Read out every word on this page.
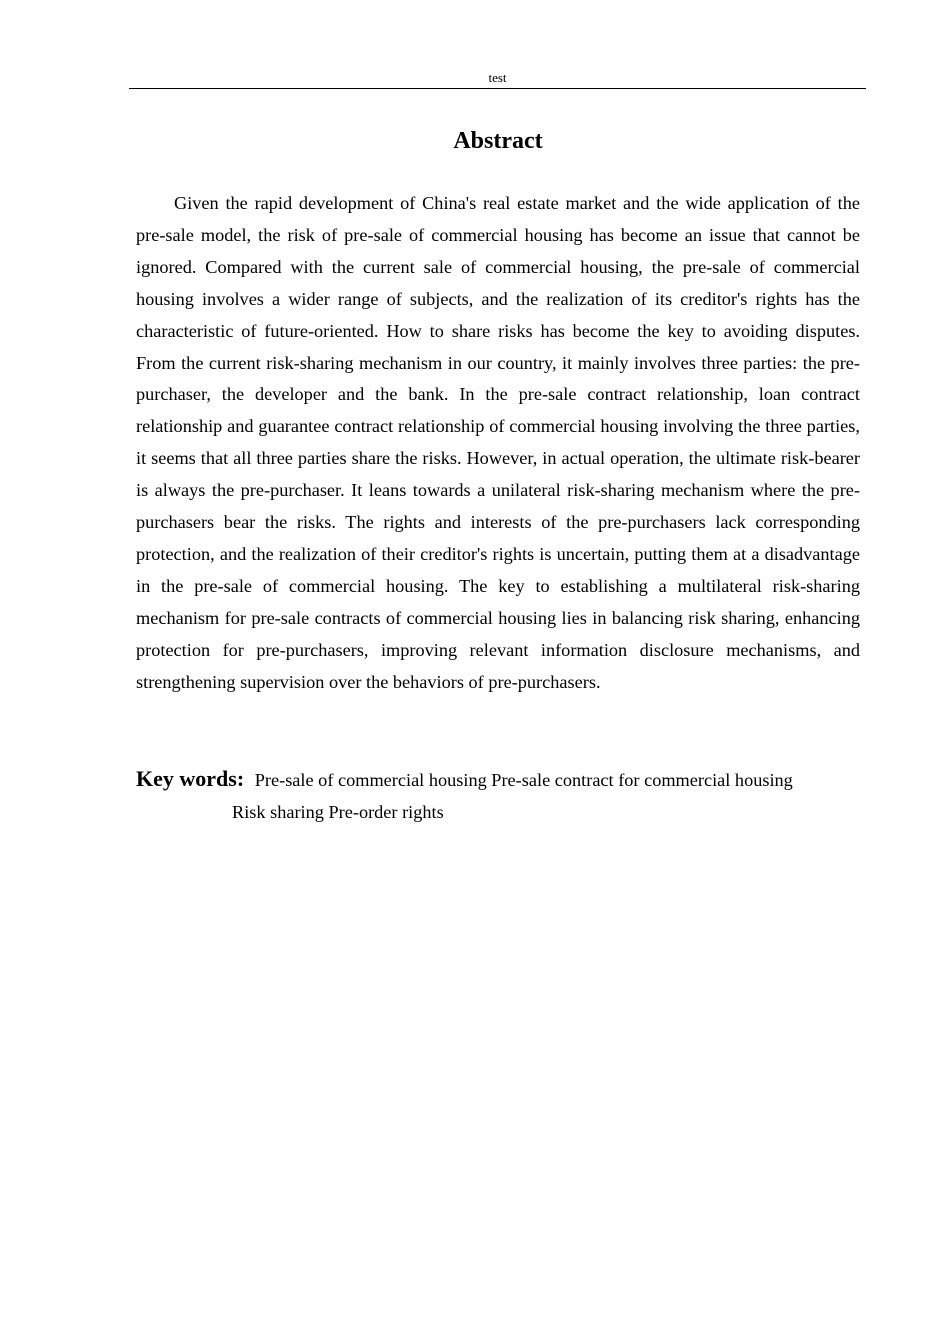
test
Abstract

Given the rapid development of China's real estate market and the wide application of the pre-sale model, the risk of pre-sale of commercial housing has become an issue that cannot be ignored. Compared with the current sale of commercial housing, the pre-sale of commercial housing involves a wider range of subjects, and the realization of its creditor's rights has the characteristic of future-oriented. How to share risks has become the key to avoiding disputes. From the current risk-sharing mechanism in our country, it mainly involves three parties: the pre-purchaser, the developer and the bank. In the pre-sale contract relationship, loan contract relationship and guarantee contract relationship of commercial housing involving the three parties, it seems that all three parties share the risks. However, in actual operation, the ultimate risk-bearer is always the pre-purchaser. It leans towards a unilateral risk-sharing mechanism where the pre-purchasers bear the risks. The rights and interests of the pre-purchasers lack corresponding protection, and the realization of their creditor's rights is uncertain, putting them at a disadvantage in the pre-sale of commercial housing. The key to establishing a multilateral risk-sharing mechanism for pre-sale contracts of commercial housing lies in balancing risk sharing, enhancing protection for pre-purchasers, improving relevant information disclosure mechanisms, and strengthening supervision over the behaviors of pre-purchasers.

Key words: Pre-sale of commercial housing Pre-sale contract for commercial housing
Risk sharing Pre-order rights
